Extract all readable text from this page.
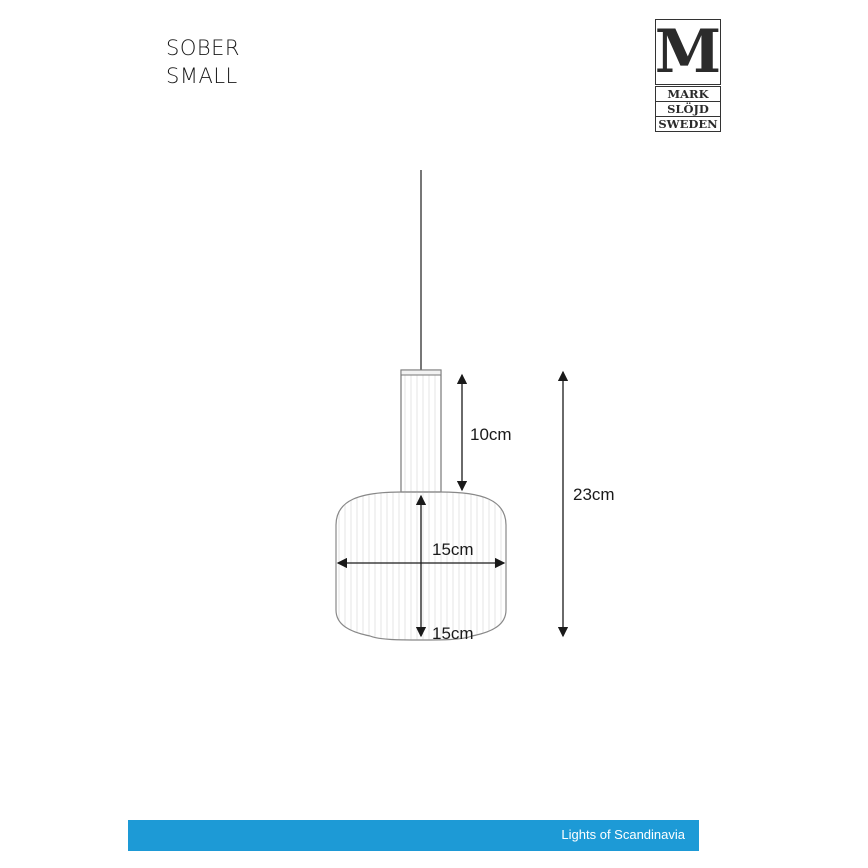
SOBER
SMALL	M
MARK
SLÖJD
SWEDEN
10cm
23cm
15cm
15cm
Lights of Scandinavia
